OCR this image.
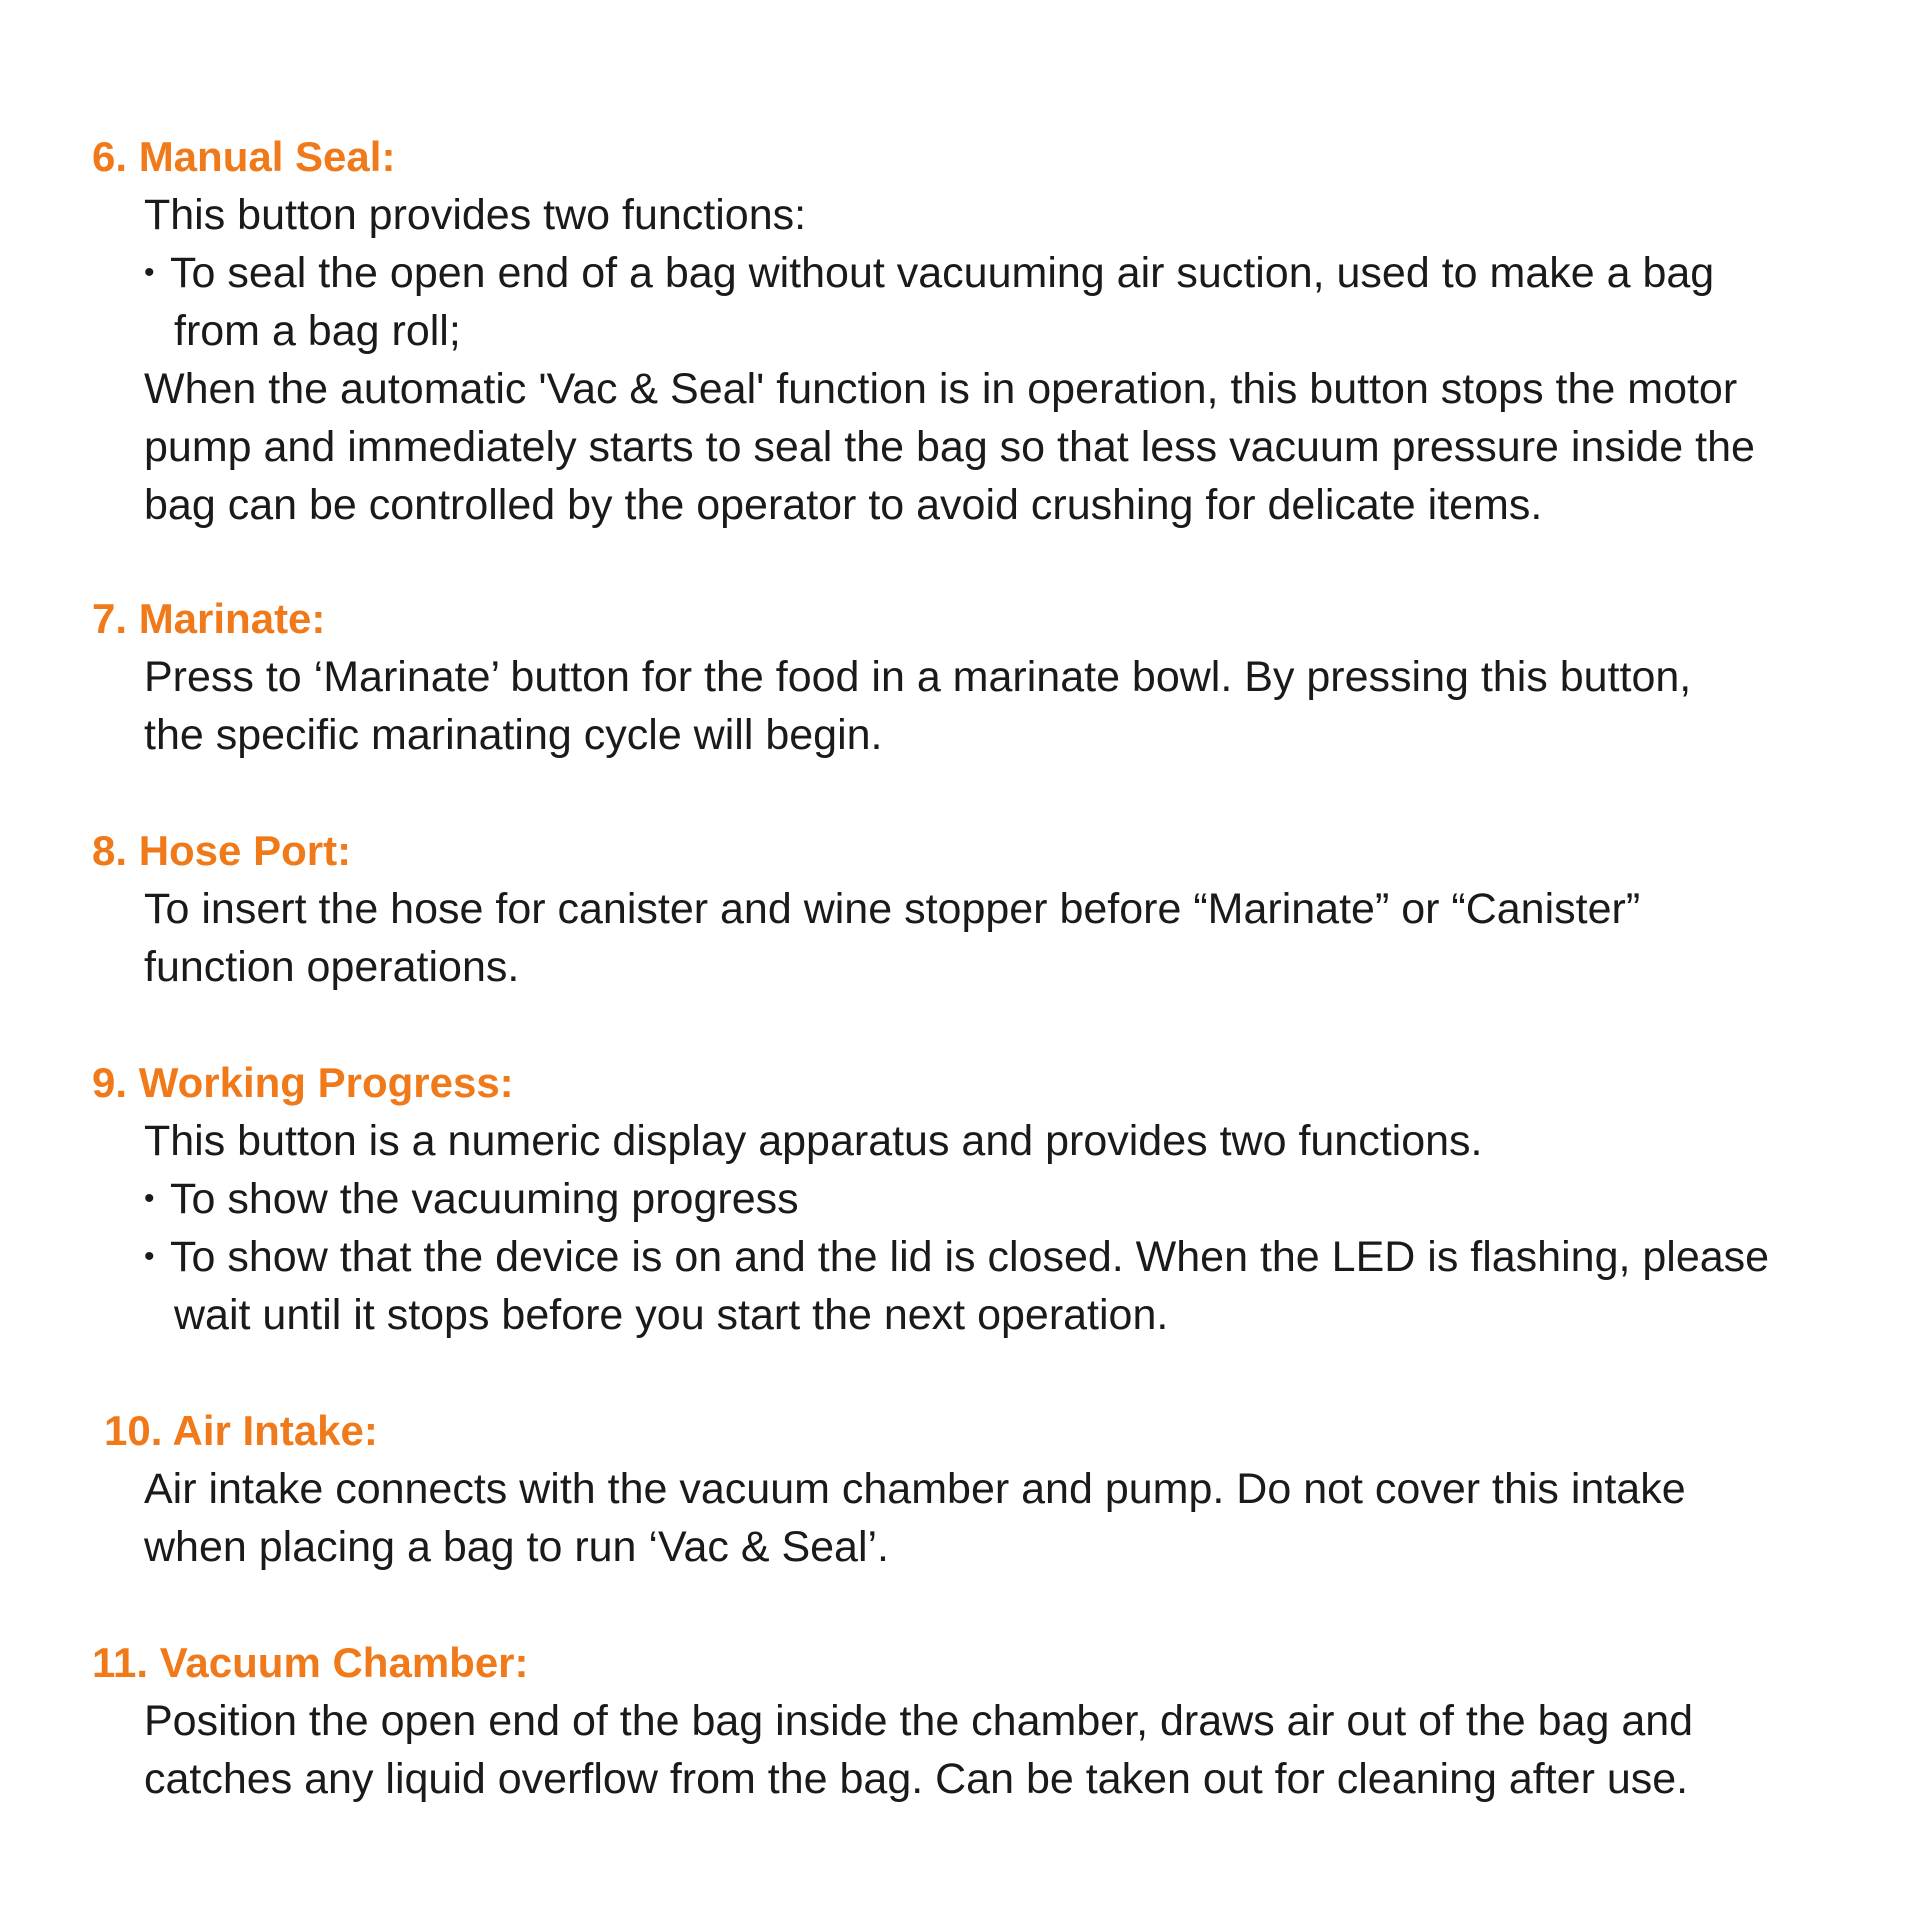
6. Manual Seal:
This button provides two functions:
• To seal the open end of a bag without vacuuming air suction, used to make a bag
from a bag roll;
When the automatic 'Vac & Seal' function is in operation, this button stops the motor
pump and immediately starts to seal the bag so that less vacuum pressure inside the
bag can be controlled by the operator to avoid crushing for delicate items.
7. Marinate:
Press to ‘Marinate’ button for the food in a marinate bowl. By pressing this button,
the specific marinating cycle will begin.
8. Hose Port:
To insert the hose for canister and wine stopper before “Marinate” or “Canister”
function operations.
9. Working Progress:
This button is a numeric display apparatus and provides two functions.
• To show the vacuuming progress
• To show that the device is on and the lid is closed. When the LED is flashing, please
wait until it stops before you start the next operation.
10. Air Intake:
Air intake connects with the vacuum chamber and pump. Do not cover this intake
when placing a bag to run ‘Vac & Seal’.
11. Vacuum Chamber:
Position the open end of the bag inside the chamber, draws air out of the bag and
catches any liquid overflow from the bag. Can be taken out for cleaning after use.
